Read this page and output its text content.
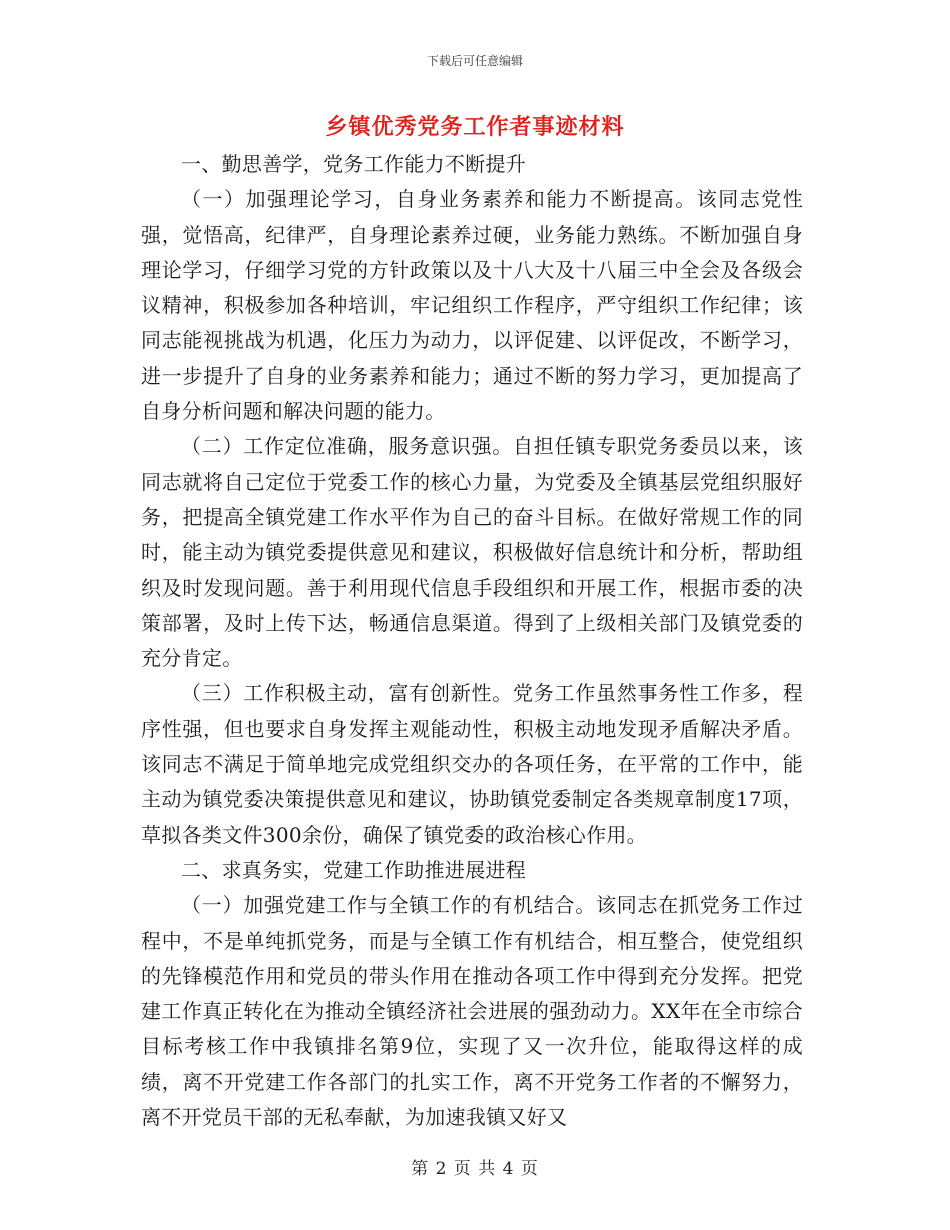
下载后可任意编辑
乡镇优秀党务工作者事迹材料

一、勤思善学，党务工作能力不断提升

（一）加强理论学习，自身业务素养和能力不断提高。该同志党性强，觉悟高，纪律严，自身理论素养过硬，业务能力熟练。不断加强自身理论学习，仔细学习党的方针政策以及十八大及十八届三中全会及各级会议精神，积极参加各种培训，牢记组织工作程序，严守组织工作纪律；该同志能视挑战为机遇，化压力为动力，以评促建、以评促改，不断学习，进一步提升了自身的业务素养和能力；通过不断的努力学习，更加提高了自身分析问题和解决问题的能力。

（二）工作定位准确，服务意识强。自担任镇专职党务委员以来，该同志就将自己定位于党委工作的核心力量，为党委及全镇基层党组织服好务，把提高全镇党建工作水平作为自己的奋斗目标。在做好常规工作的同时，能主动为镇党委提供意见和建议，积极做好信息统计和分析，帮助组织及时发现问题。善于利用现代信息手段组织和开展工作，根据市委的决策部署，及时上传下达，畅通信息渠道。得到了上级相关部门及镇党委的充分肯定。

（三）工作积极主动，富有创新性。党务工作虽然事务性工作多，程序性强，但也要求自身发挥主观能动性，积极主动地发现矛盾解决矛盾。该同志不满足于简单地完成党组织交办的各项任务，在平常的工作中，能主动为镇党委决策提供意见和建议，协助镇党委制定各类规章制度17项，草拟各类文件300余份，确保了镇党委的政治核心作用。

二、求真务实，党建工作助推进展进程

（一）加强党建工作与全镇工作的有机结合。该同志在抓党务工作过程中，不是单纯抓党务，而是与全镇工作有机结合，相互整合，使党组织的先锋模范作用和党员的带头作用在推动各项工作中得到充分发挥。把党建工作真正转化在为推动全镇经济社会进展的强劲动力。XX年在全市综合目标考核工作中我镇排名第9位，实现了又一次升位，能取得这样的成绩，离不开党建工作各部门的扎实工作，离不开党务工作者的不懈努力，离不开党员干部的无私奉献，为加速我镇又好又

第 2 页 共 4 页
